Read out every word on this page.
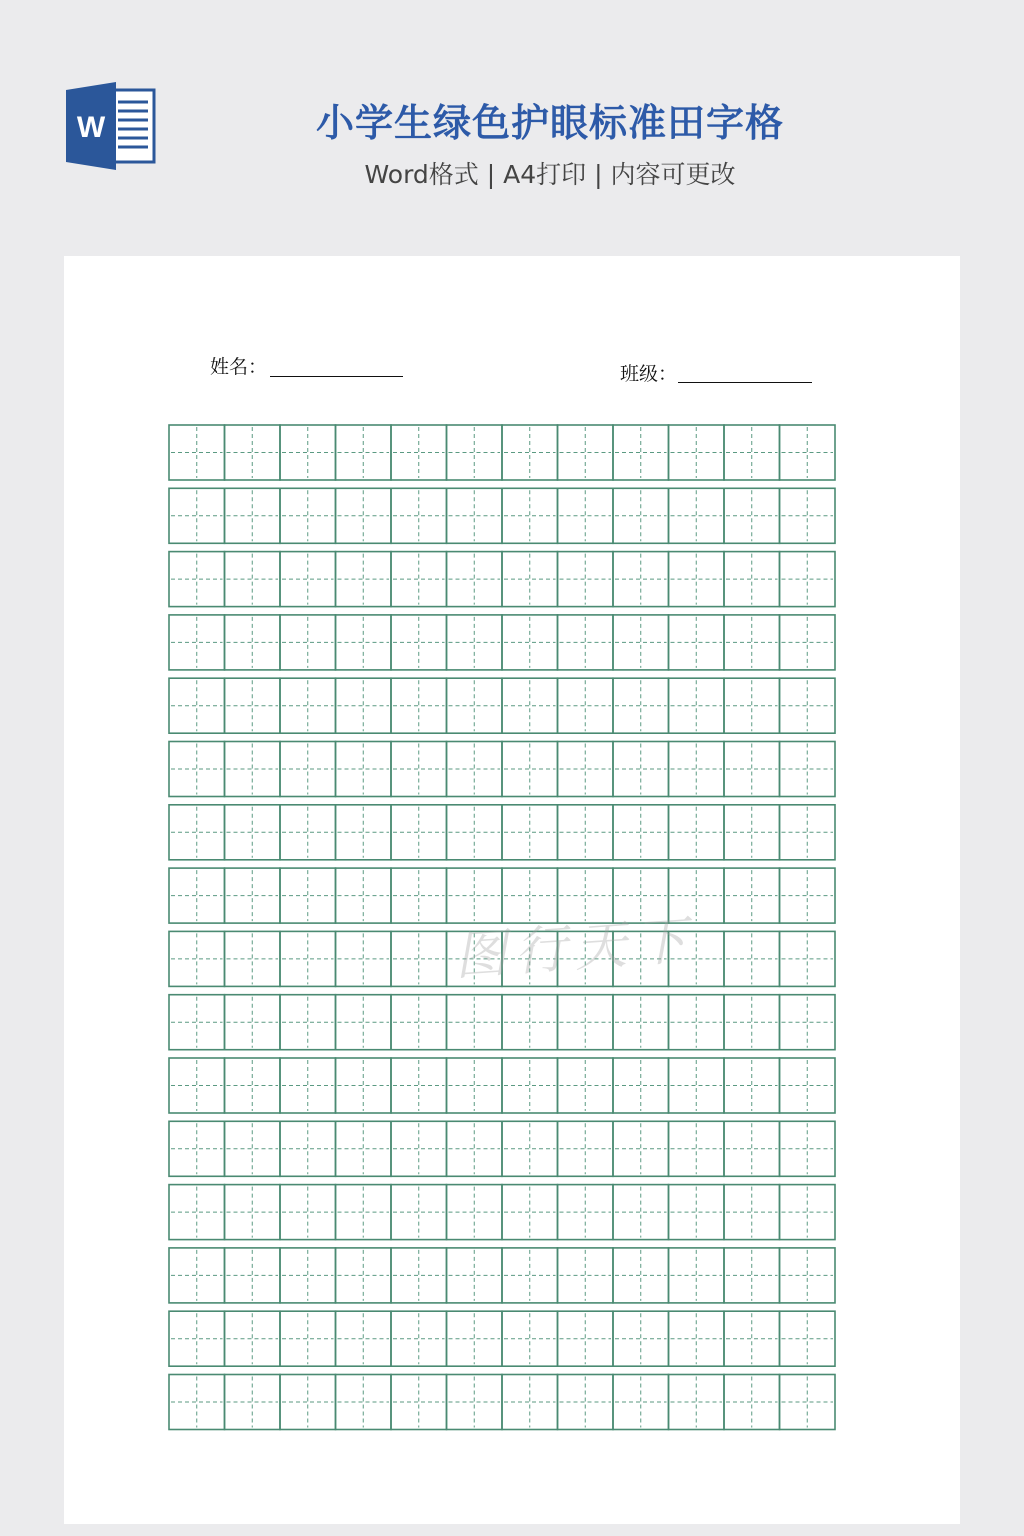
W	小学生绿色护眼标准田字格
Word格式 | A4打印 | 内容可更改
姓名：	班级：
图行天下
